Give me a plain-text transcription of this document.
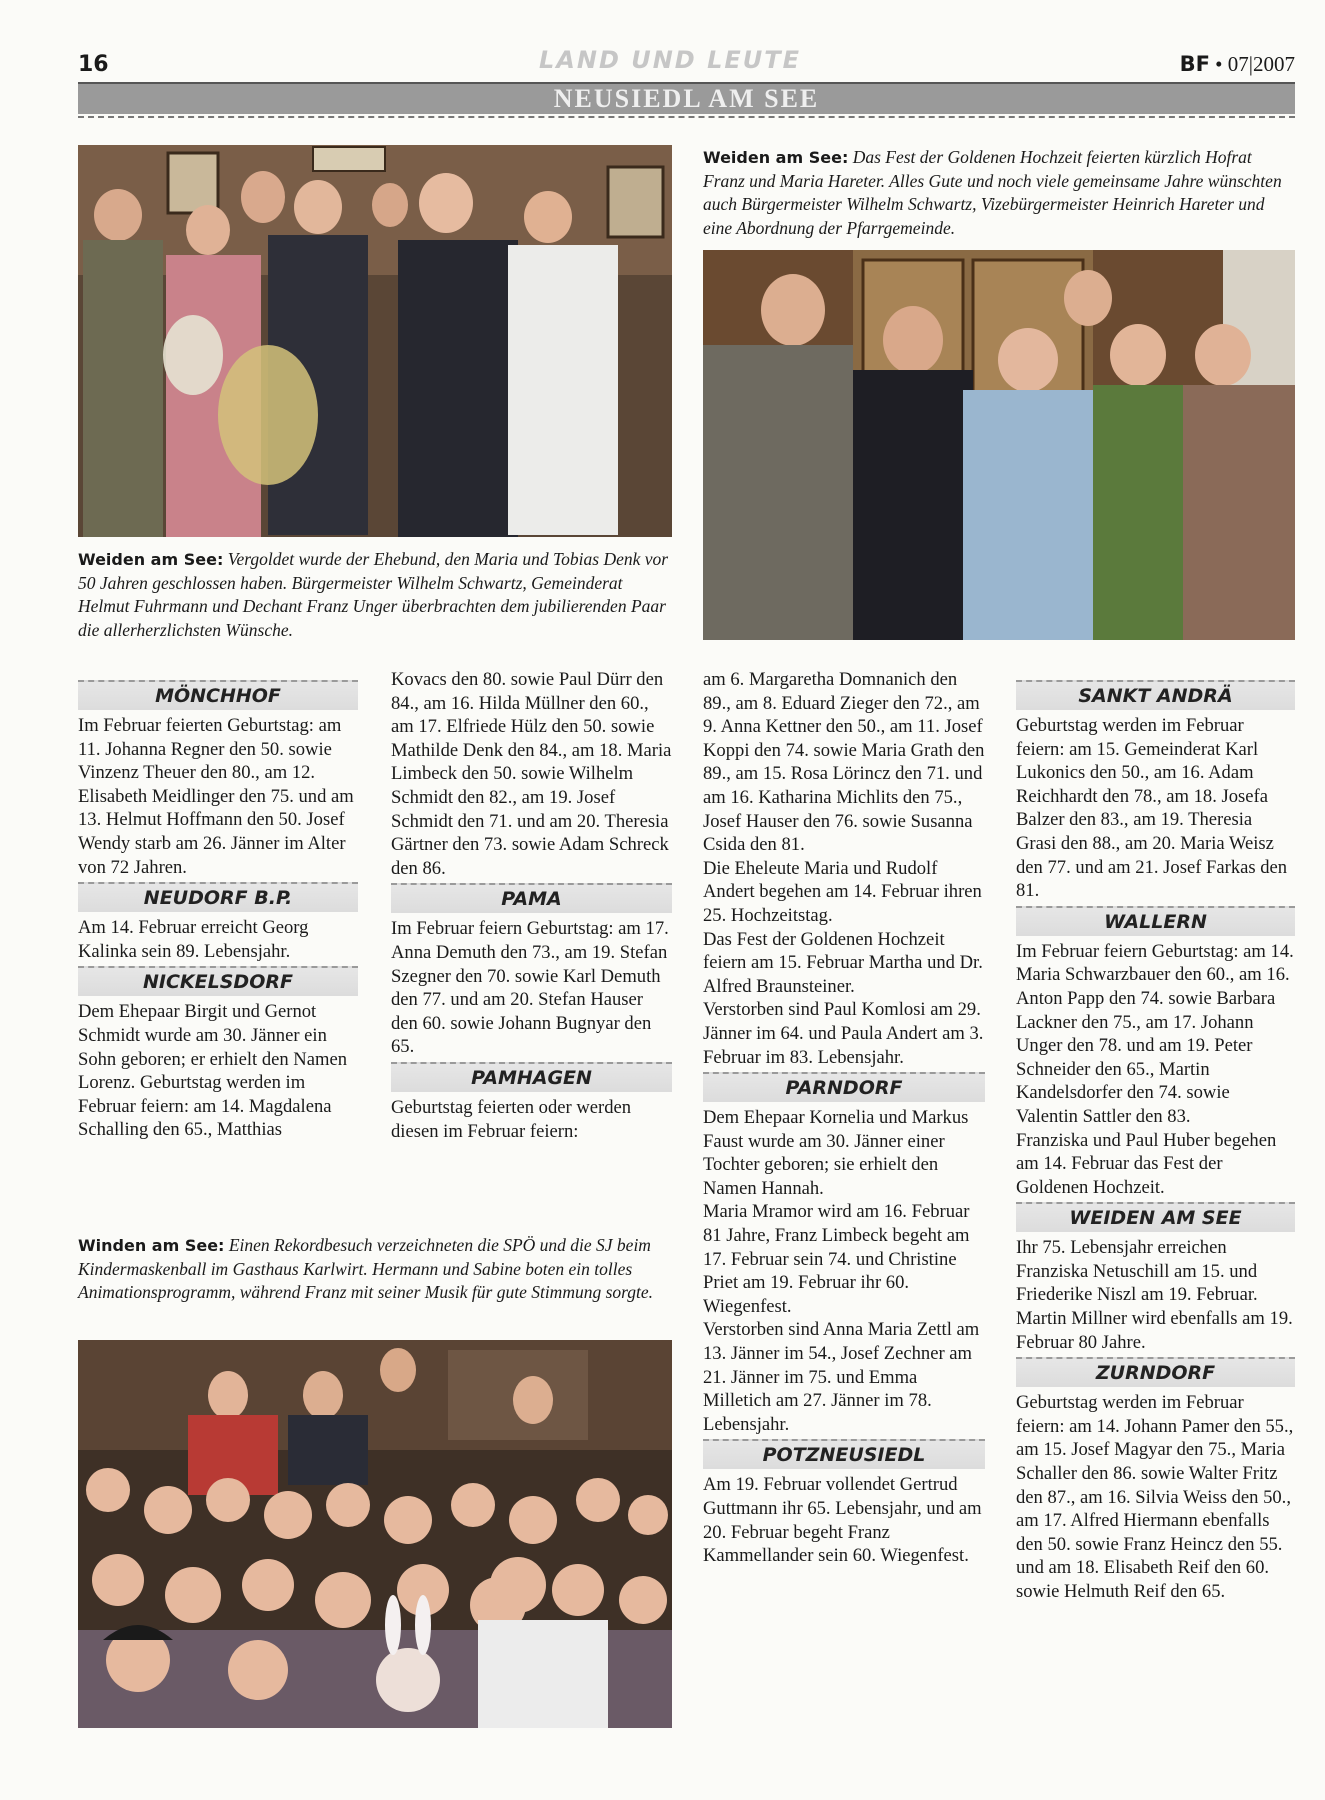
16	LAND UND LEUTE	BF • 07|2007
NEUSIEDL AM SEE
Weiden am See: Vergoldet wurde der Ehebund, den Maria und Tobias Denk vor 50 Jahren geschlossen haben. Bürgermeister Wilhelm Schwartz, Gemeinderat Helmut Fuhrmann und Dechant Franz Unger überbrachten dem jubilierenden Paar die allerherzlichsten Wünsche.
Weiden am See: Das Fest der Goldenen Hochzeit feierten kürzlich Hofrat Franz und Maria Hareter. Alles Gute und noch viele gemeinsame Jahre wünschten auch Bürgermeister Wilhelm Schwartz, Vizebürgermeister Heinrich Hareter und eine Abordnung der Pfarrgemeinde.
MÖNCHHOF

Im Februar feierten Geburtstag: am 11. Johanna Regner den 50. sowie Vinzenz Theuer den 80., am 12. Elisabeth Meidlinger den 75. und am 13. Helmut Hoffmann den 50. Josef Wendy starb am 26. Jänner im Alter von 72 Jahren.

NEUDORF B.P.

Am 14. Februar erreicht Georg Kalinka sein 89. Lebensjahr.

NICKELSDORF

Dem Ehepaar Birgit und Gernot Schmidt wurde am 30. Jänner ein Sohn geboren; er erhielt den Namen Lorenz. Geburtstag werden im Februar feiern: am 14. Magdalena Schalling den 65., Matthias

Kovacs den 80. sowie Paul Dürr den 84., am 16. Hilda Müllner den 60., am 17. Elfriede Hülz den 50. sowie Mathilde Denk den 84., am 18. Maria Limbeck den 50. sowie Wilhelm Schmidt den 82., am 19. Josef Schmidt den 71. und am 20. Theresia Gärtner den 73. sowie Adam Schreck den 86.

PAMA

Im Februar feiern Geburtstag: am 17. Anna Demuth den 73., am 19. Stefan Szegner den 70. sowie Karl Demuth den 77. und am 20. Stefan Hauser den 60. sowie Johann Bugnyar den 65.

PAMHAGEN

Geburtstag feierten oder werden diesen im Februar feiern:

Winden am See: Einen Rekordbesuch verzeichneten die SPÖ und die SJ beim Kindermaskenball im Gasthaus Karlwirt. Hermann und Sabine boten ein tolles Animationsprogramm, während Franz mit seiner Musik für gute Stimmung sorgte.

am 6. Margaretha Domnanich den 89., am 8. Eduard Zieger den 72., am 9. Anna Kettner den 50., am 11. Josef Koppi den 74. sowie Maria Grath den 89., am 15. Rosa Lörincz den 71. und am 16. Katharina Michlits den 75., Josef Hauser den 76. sowie Susanna Csida den 81.

Die Eheleute Maria und Rudolf Andert begehen am 14. Februar ihren 25. Hochzeitstag.

Das Fest der Goldenen Hochzeit feiern am 15. Februar Martha und Dr. Alfred Braunsteiner.

Verstorben sind Paul Komlosi am 29. Jänner im 64. und Paula Andert am 3. Februar im 83. Lebensjahr.

PARNDORF

Dem Ehepaar Kornelia und Markus Faust wurde am 30. Jänner einer Tochter geboren; sie erhielt den Namen Hannah.

Maria Mramor wird am 16. Februar 81 Jahre, Franz Limbeck begeht am 17. Februar sein 74. und Christine Priet am 19. Februar ihr 60. Wiegenfest.

Verstorben sind Anna Maria Zettl am 13. Jänner im 54., Josef Zechner am 21. Jänner im 75. und Emma Milletich am 27. Jänner im 78. Lebensjahr.

POTZNEUSIEDL

Am 19. Februar vollendet Gertrud Guttmann ihr 65. Lebensjahr, und am 20. Februar begeht Franz Kammellander sein 60. Wiegenfest.

SANKT ANDRÄ

Geburtstag werden im Februar feiern: am 15. Gemeinderat Karl Lukonics den 50., am 16. Adam Reichhardt den 78., am 18. Josefa Balzer den 83., am 19. Theresia Grasi den 88., am 20. Maria Weisz den 77. und am 21. Josef Farkas den 81.

WALLERN

Im Februar feiern Geburtstag: am 14. Maria Schwarzbauer den 60., am 16. Anton Papp den 74. sowie Barbara Lackner den 75., am 17. Johann Unger den 78. und am 19. Peter Schneider den 65., Martin Kandelsdorfer den 74. sowie Valentin Sattler den 83.

Franziska und Paul Huber begehen am 14. Februar das Fest der Goldenen Hochzeit.

WEIDEN AM SEE

Ihr 75. Lebensjahr erreichen Franziska Netuschill am 15. und Friederike Niszl am 19. Februar. Martin Millner wird ebenfalls am 19. Februar 80 Jahre.

ZURNDORF

Geburtstag werden im Februar feiern: am 14. Johann Pamer den 55., am 15. Josef Magyar den 75., Maria Schaller den 86. sowie Walter Fritz den 87., am 16. Silvia Weiss den 50., am 17. Alfred Hiermann ebenfalls den 50. sowie Franz Heincz den 55. und am 18. Elisabeth Reif den 60. sowie Helmuth Reif den 65.
